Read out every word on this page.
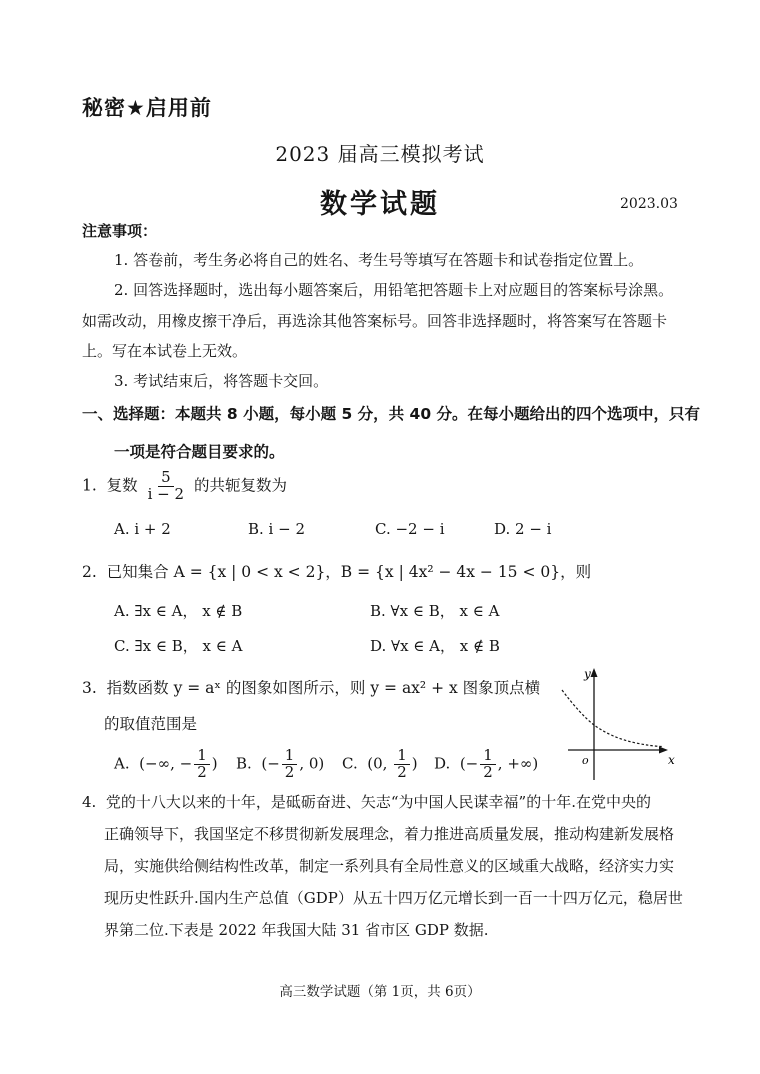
秘密★启用前
2023 届高三模拟考试
数学试题	2023.03
注意事项：
1. 答卷前，考生务必将自己的姓名、考生号等填写在答题卡和试卷指定位置上。
2. 回答选择题时，选出每小题答案后，用铅笔把答题卡上对应题目的答案标号涂黑。
如需改动，用橡皮擦干净后，再选涂其他答案标号。回答非选择题时，将答案写在答题卡
上。写在本试卷上无效。
3. 考试结束后，将答题卡交回。
一、选择题：本题共 8 小题，每小题 5 分，共 40 分。在每小题给出的四个选项中，只有
一项是符合题目要求的。
1. 复数 $\frac{5}{i - 2}$ 的共轭复数为
A. i + 2	B. i − 2	C. −2 − i	D. 2 − i
2. 已知集合 A = {x | 0 < x < 2}，B = {x | 4x² − 4x − 15 < 0}，则
A. ∃x ∈ A， x ∉ B	B. ∀x ∈ B， x ∈ A
C. ∃x ∈ B， x ∈ A	D. ∀x ∈ A， x ∉ B
3. 指数函数 y = aˣ 的图象如图所示，则 y = ax² + x 图象顶点横
的取值范围是
A. (−∞, − $\frac{1}{2}$ ) B. (− $\frac{1}{2}$ , 0) C. (0, $\frac{1}{2}$ ) D. (− $\frac{1}{2}$ , +∞)
y
x
o
4. 党的十八大以来的十年，是砥砺奋进、矢志“为中国人民谋幸福”的十年.在党中央的
正确领导下，我国坚定不移贯彻新发展理念，着力推进高质量发展，推动构建新发展格
局，实施供给侧结构性改革，制定一系列具有全局性意义的区域重大战略，经济实力实
现历史性跃升.国内生产总值（GDP）从五十四万亿元增长到一百一十四万亿元，稳居世
界第二位.下表是 2022 年我国大陆 31 省市区 GDP 数据.
高三数学试题（第 1页，共 6页）
